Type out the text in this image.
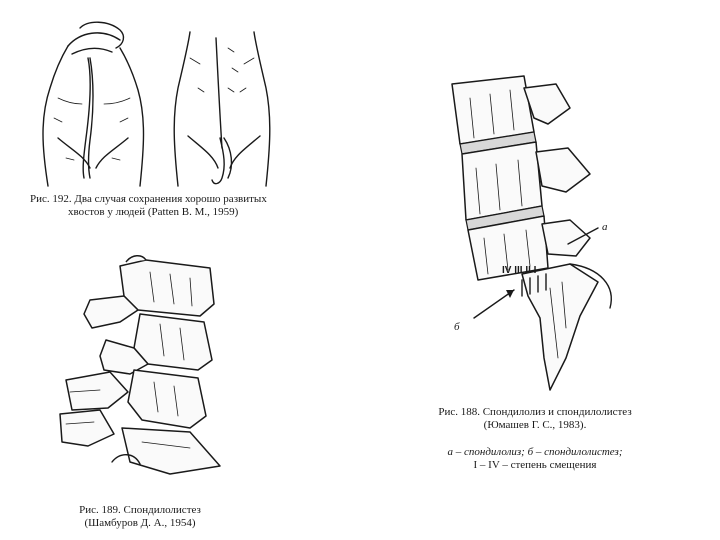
Рис. 192. Два случая сохранения хорошо развитых
хвостов у людей (Patten B. M., 1959)
Рис. 189. Спондилолистез
(Шамбуров Д. А., 1954)
а
б
IV III II I
Рис. 188. Спондилолиз и спондилолистез
(Юмашев Г. С., 1983).
а – спондилолиз; б – спондилолистез;
I – IV – степень смещения
